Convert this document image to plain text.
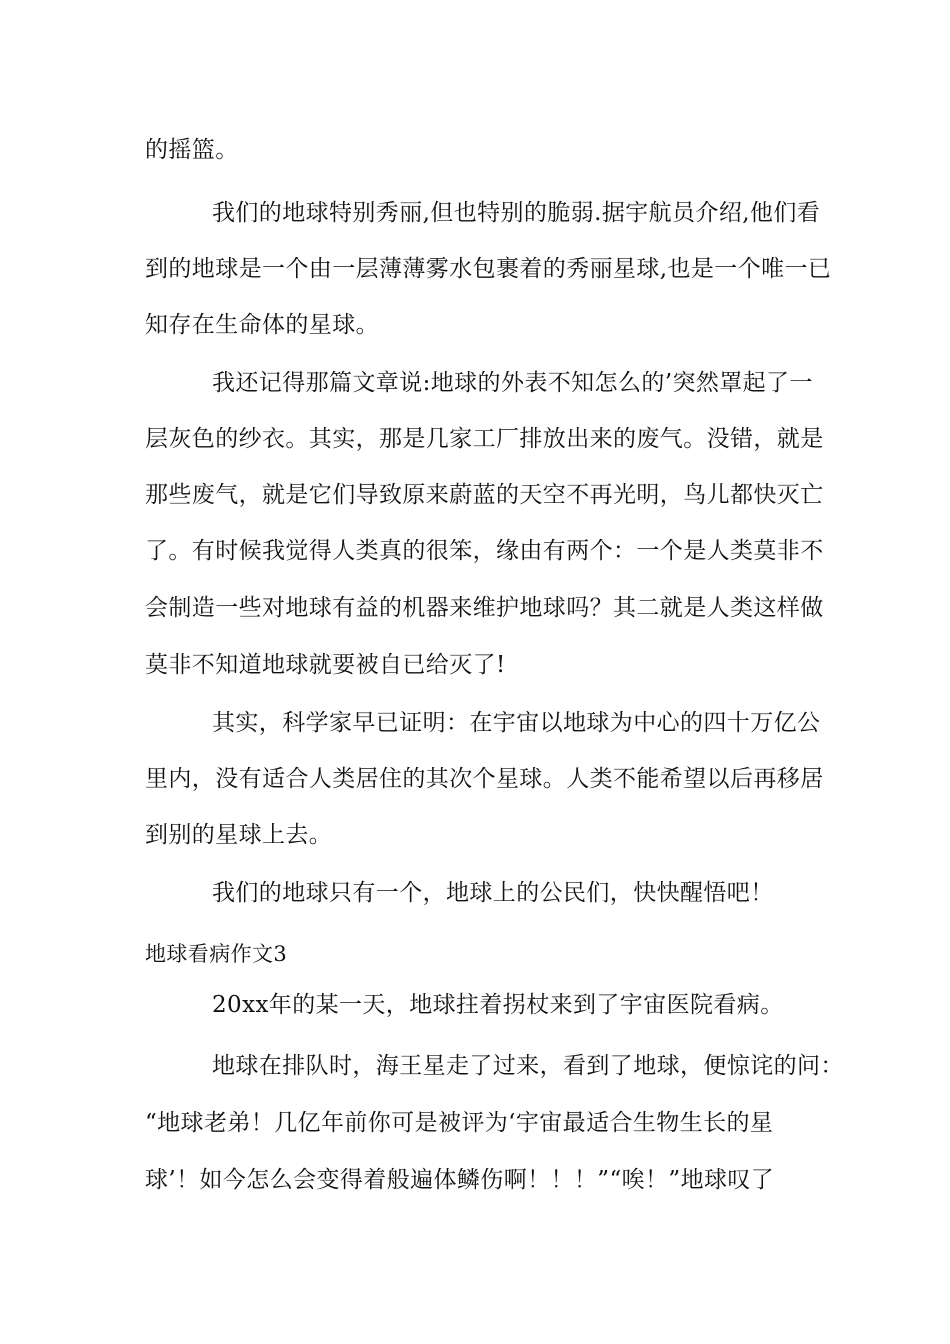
的摇篮。
我们的地球特别秀丽,但也特别的脆弱.据宇航员介绍,他们看
到的地球是一个由一层薄薄雾水包裹着的秀丽星球,也是一个唯一已
知存在生命体的星球。
我还记得那篇文章说:地球的外表不知怎么的’突然罩起了一
层灰色的纱衣。其实，那是几家工厂排放出来的废气。没错，就是
那些废气，就是它们导致原来蔚蓝的天空不再光明，鸟儿都快灭亡
了。有时候我觉得人类真的很笨，缘由有两个：一个是人类莫非不
会制造一些对地球有益的机器来维护地球吗？其二就是人类这样做
莫非不知道地球就要被自已给灭了!
其实，科学家早已证明：在宇宙以地球为中心的四十万亿公
里内，没有适合人类居住的其次个星球。人类不能希望以后再移居
到别的星球上去。
我们的地球只有一个，地球上的公民们，快快醒悟吧！
地球看病作文3
20xx年的某一天，地球拄着拐杖来到了宇宙医院看病。
地球在排队时，海王星走了过来，看到了地球，便惊诧的问：
“地球老弟！几亿年前你可是被评为‘宇宙最适合生物生长的星
球’！如今怎么会变得着般遍体鳞伤啊！！！”“唉！”地球叹了
